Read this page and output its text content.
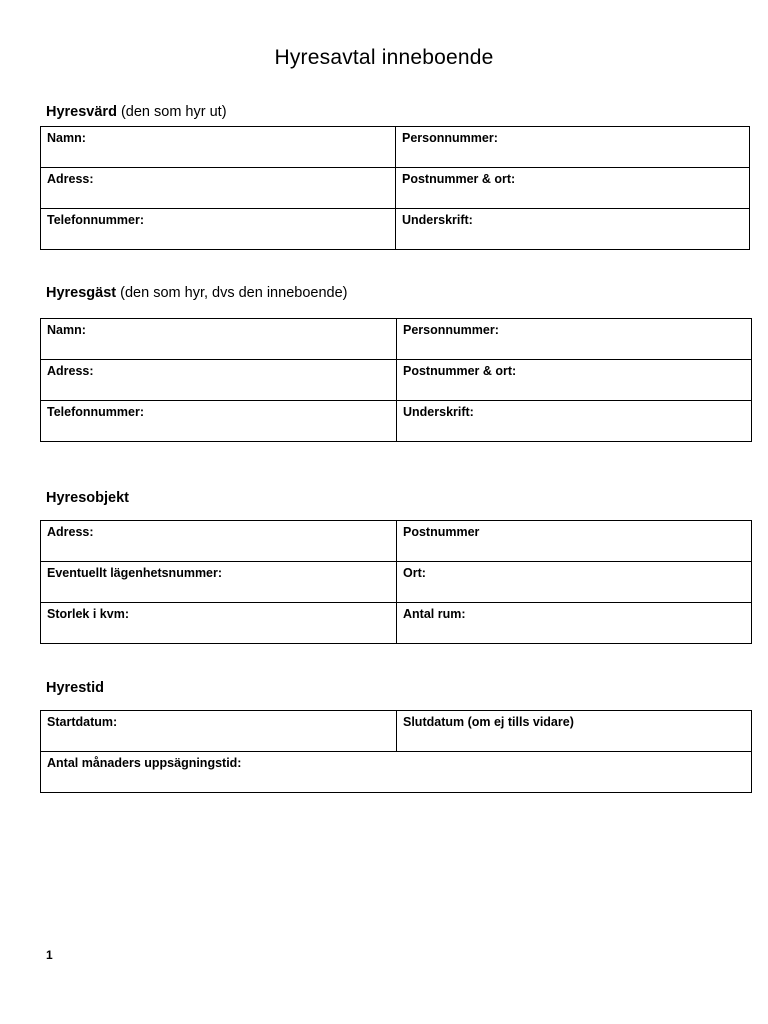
Hyresavtal inneboende
Hyresvärd (den som hyr ut)
Namn:	Personnummer:
Adress:	Postnummer & ort:
Telefonnummer:	Underskrift:
Hyresgäst (den som hyr, dvs den inneboende)
Namn:	Personnummer:
Adress:	Postnummer & ort:
Telefonnummer:	Underskrift:
Hyresobjekt
Adress:	Postnummer
Eventuellt lägenhetsnummer:	Ort:
Storlek i kvm:	Antal rum:
Hyrestid
Startdatum:	Slutdatum (om ej tills vidare)
Antal månaders uppsägningstid:
1
